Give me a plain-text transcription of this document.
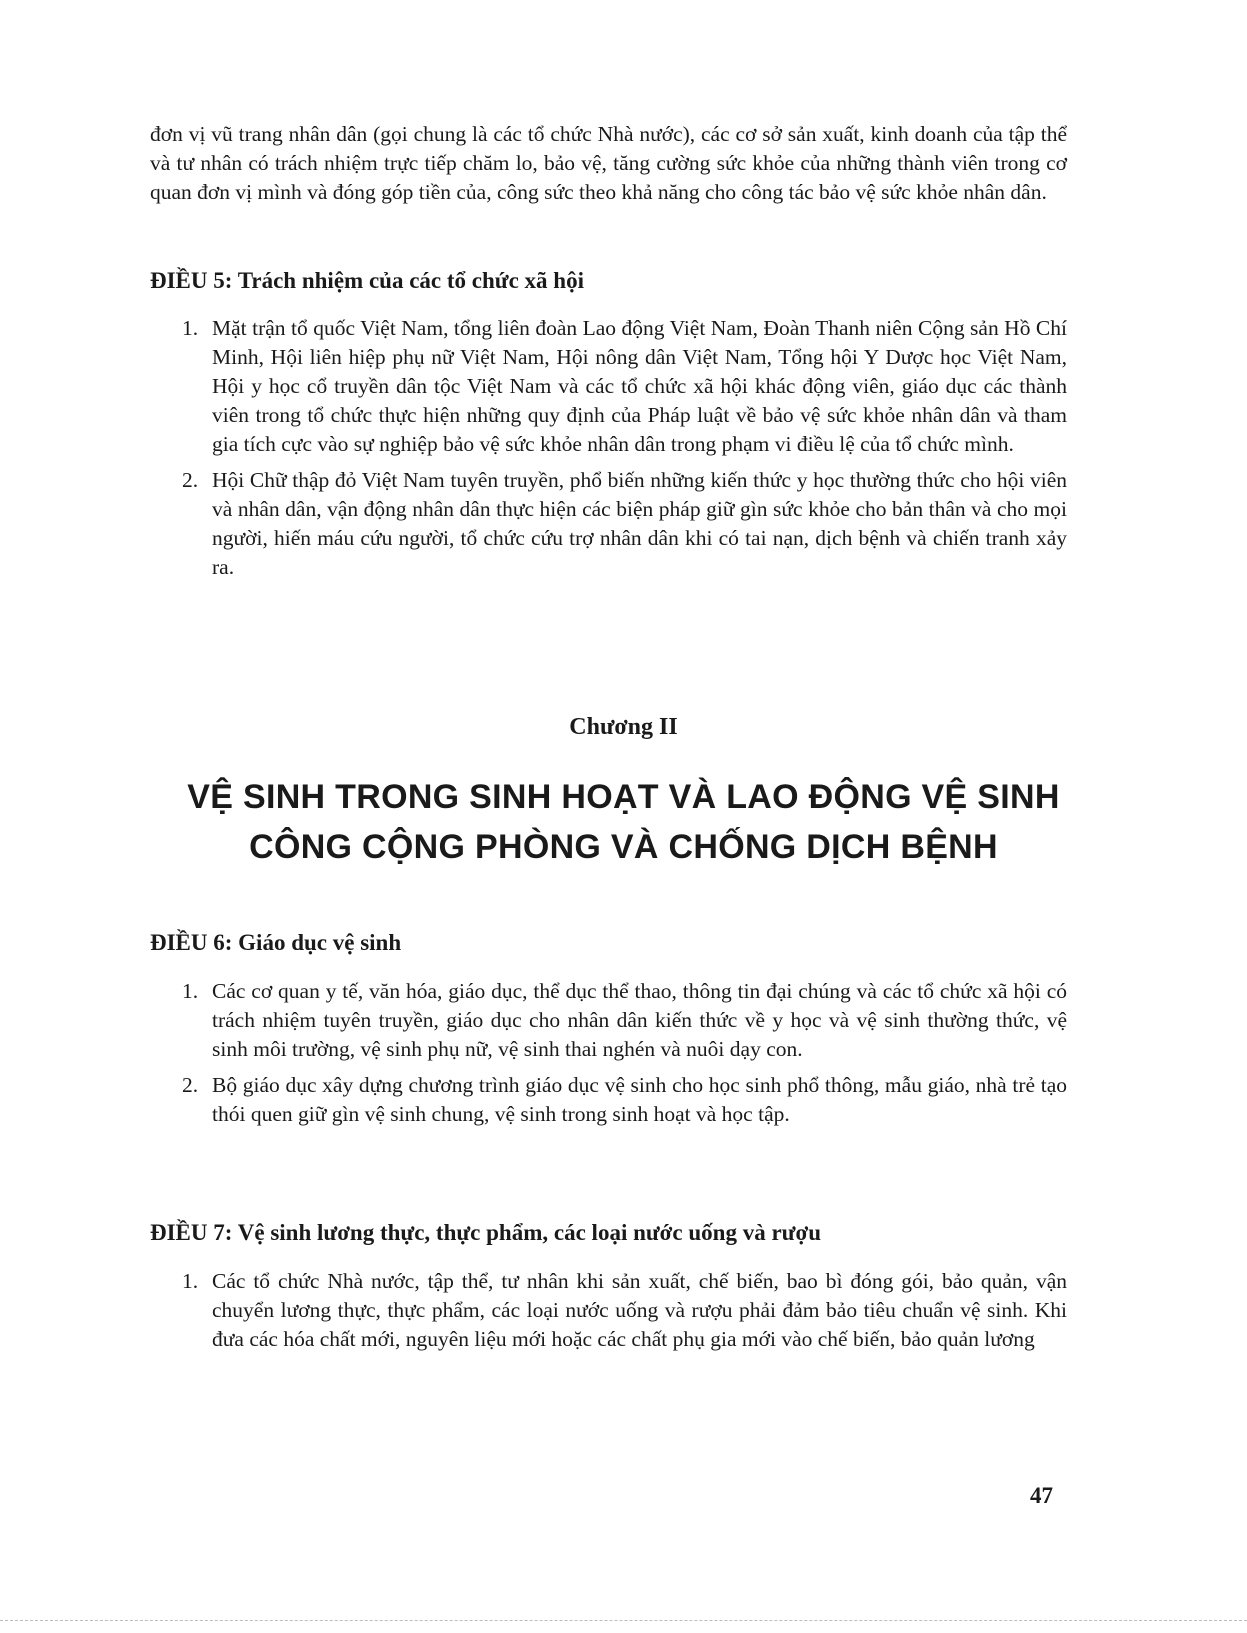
đơn vị vũ trang nhân dân (gọi chung là các tổ chức Nhà nước), các cơ sở sản xuất, kinh doanh của tập thể và tư nhân có trách nhiệm trực tiếp chăm lo, bảo vệ, tăng cường sức khỏe của những thành viên trong cơ quan đơn vị mình và đóng góp tiền của, công sức theo khả năng cho công tác bảo vệ sức khỏe nhân dân.
ĐIỀU 5: Trách nhiệm của các tổ chức xã hội
1. Mặt trận tổ quốc Việt Nam, tổng liên đoàn Lao động Việt Nam, Đoàn Thanh niên Cộng sản Hồ Chí Minh, Hội liên hiệp phụ nữ Việt Nam, Hội nông dân Việt Nam, Tổng hội Y Dược học Việt Nam, Hội y học cổ truyền dân tộc Việt Nam và các tổ chức xã hội khác động viên, giáo dục các thành viên trong tổ chức thực hiện những quy định của Pháp luật về bảo vệ sức khỏe nhân dân và tham gia tích cực vào sự nghiệp bảo vệ sức khỏe nhân dân trong phạm vi điều lệ của tổ chức mình.
2. Hội Chữ thập đỏ Việt Nam tuyên truyền, phổ biến những kiến thức y học thường thức cho hội viên và nhân dân, vận động nhân dân thực hiện các biện pháp giữ gìn sức khỏe cho bản thân và cho mọi người, hiến máu cứu người, tổ chức cứu trợ nhân dân khi có tai nạn, dịch bệnh và chiến tranh xảy ra.
Chương II
VỆ SINH TRONG SINH HOẠT VÀ LAO ĐỘNG VỆ SINH
CÔNG CỘNG PHÒNG VÀ CHỐNG DỊCH BỆNH
ĐIỀU 6: Giáo dục vệ sinh
1. Các cơ quan y tế, văn hóa, giáo dục, thể dục thể thao, thông tin đại chúng và các tổ chức xã hội có trách nhiệm tuyên truyền, giáo dục cho nhân dân kiến thức về y học và vệ sinh thường thức, vệ sinh môi trường, vệ sinh phụ nữ, vệ sinh thai nghén và nuôi dạy con.
2. Bộ giáo dục xây dựng chương trình giáo dục vệ sinh cho học sinh phổ thông, mẫu giáo, nhà trẻ tạo thói quen giữ gìn vệ sinh chung, vệ sinh trong sinh hoạt và học tập.
ĐIỀU 7: Vệ sinh lương thực, thực phẩm, các loại nước uống và rượu
1. Các tổ chức Nhà nước, tập thể, tư nhân khi sản xuất, chế biến, bao bì đóng gói, bảo quản, vận chuyển lương thực, thực phẩm, các loại nước uống và rượu phải đảm bảo tiêu chuẩn vệ sinh. Khi đưa các hóa chất mới, nguyên liệu mới hoặc các chất phụ gia mới vào chế biến, bảo quản lương
47
